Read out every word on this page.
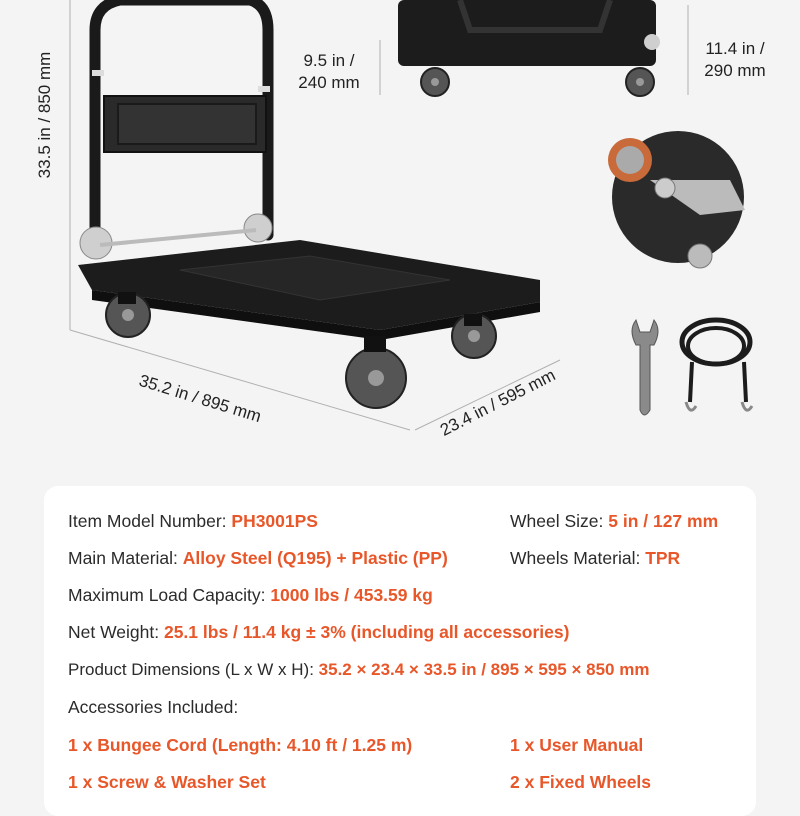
33.5 in / 850 mm
35.2 in / 895 mm	23.4 in / 595 mm
9.5 in /
240 mm
11.4 in /
290 mm
Item Model Number: PH3001PS	Wheel Size: 5 in / 127 mm
Main Material: Alloy Steel (Q195) + Plastic (PP)	Wheels Material: TPR
Maximum Load Capacity: 1000 lbs / 453.59 kg
Net Weight: 25.1 lbs / 11.4 kg ± 3% (including all accessories)
Product Dimensions (L x W x H): 35.2 × 23.4 × 33.5 in / 895 × 595 × 850 mm
Accessories Included:
1 x Bungee Cord (Length: 4.10 ft / 1.25 m)	1 x User Manual
1 x Screw & Washer Set	2 x Fixed Wheels
